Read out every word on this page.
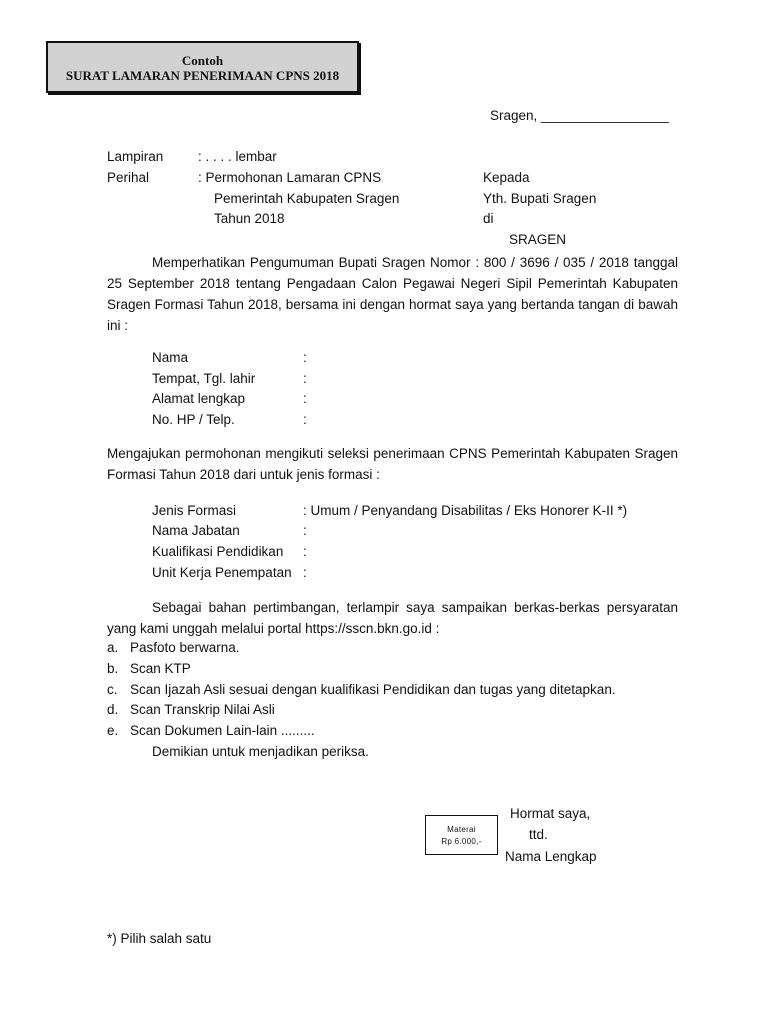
Contoh
SURAT LAMARAN PENERIMAAN CPNS 2018
Sragen, _________________
Lampiran	: . . . . lembar
Perihal	: Permohonan Lamaran CPNS
Pemerintah Kabupaten Sragen
Tahun 2018
Kepada
Yth. Bupati Sragen
di
SRAGEN
Memperhatikan Pengumuman Bupati Sragen Nomor : 800 / 3696 / 035 / 2018 tanggal 25 September 2018 tentang Pengadaan Calon Pegawai Negeri Sipil Pemerintah Kabupaten Sragen Formasi Tahun 2018, bersama ini dengan hormat saya yang bertanda tangan di bawah ini :
Nama	:
Tempat, Tgl. lahir	:
Alamat lengkap	:
No. HP / Telp.	:
Mengajukan permohonan mengikuti seleksi penerimaan CPNS Pemerintah Kabupaten Sragen Formasi Tahun 2018 dari untuk jenis formasi :
Jenis Formasi	: Umum / Penyandang Disabilitas / Eks Honorer K-II *)
Nama Jabatan	:
Kualifikasi Pendidikan :
Unit Kerja Penempatan :
Sebagai bahan pertimbangan, terlampir saya sampaikan berkas-berkas persyaratan yang kami unggah melalui portal https://sscn.bkn.go.id :
a. Pasfoto berwarna.
b. Scan KTP
c. Scan Ijazah Asli sesuai dengan kualifikasi Pendidikan dan tugas yang ditetapkan.
d. Scan Transkrip Nilai Asli
e. Scan Dokumen Lain-lain .........
Demikian untuk menjadikan periksa.
Hormat saya,
ttd.
Nama Lengkap
Materai
Rp 6.000,-
*) Pilih salah satu
